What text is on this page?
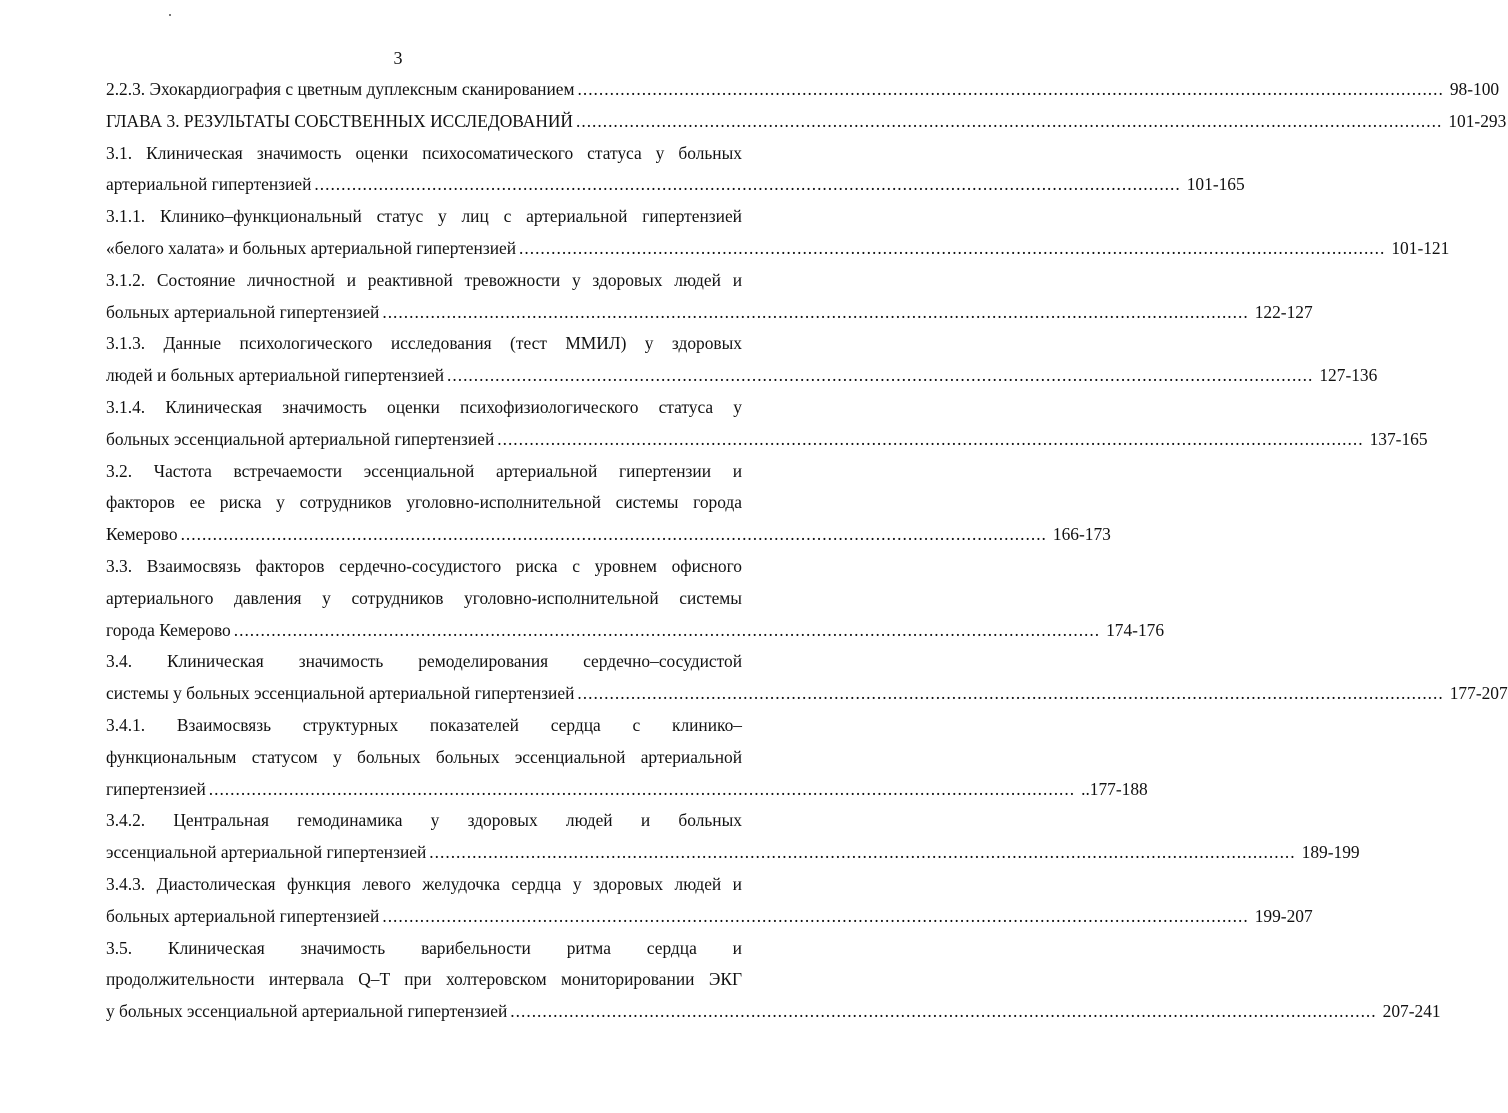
3
2.2.3. Эхокардиография с цветным дуплексным сканированием .................................................................................................................................................................. 98-100
ГЛАВА 3. РЕЗУЛЬТАТЫ СОБСТВЕННЫХ ИССЛЕДОВАНИЙ .................................................................................................................................................................. 101-293
3.1. Клиническая значимость оценки психосоматического статуса у больных
артериальной гипертензией .................................................................................................................................................................. 101-165
3.1.1. Клинико–функциональный статус у лиц с артериальной гипертензией
«белого халата» и больных артериальной гипертензией .................................................................................................................................................................. 101-121
3.1.2. Состояние личностной и реактивной тревожности у здоровых людей и
больных артериальной гипертензией .................................................................................................................................................................. 122-127
3.1.3. Данные психологического исследования (тест ММИЛ) у здоровых
людей и больных артериальной гипертензией .................................................................................................................................................................. 127-136
3.1.4. Клиническая значимость оценки психофизиологического статуса у
больных эссенциальной артериальной гипертензией .................................................................................................................................................................. 137-165
3.2. Частота встречаемости эссенциальной артериальной гипертензии и
факторов ее риска у сотрудников уголовно-исполнительной системы города
Кемерово .................................................................................................................................................................. 166-173
3.3. Взаимосвязь факторов сердечно-сосудистого риска с уровнем офисного
артериального давления у сотрудников уголовно-исполнительной системы
города Кемерово .................................................................................................................................................................. 174-176
3.4. Клиническая значимость ремоделирования сердечно–сосудистой
системы у больных эссенциальной артериальной гипертензией .................................................................................................................................................................. 177-207
3.4.1. Взаимосвязь структурных показателей сердца с клинико–
функциональным статусом у больных больных эссенциальной артериальной
гипертензией .................................................................................................................................................................. ..177-188
3.4.2. Центральная гемодинамика у здоровых людей и больных
эссенциальной артериальной гипертензией .................................................................................................................................................................. 189-199
3.4.3. Диастолическая функция левого желудочка сердца у здоровых людей и
больных артериальной гипертензией .................................................................................................................................................................. 199-207
3.5. Клиническая значимость варибельности ритма сердца и
продолжительности интервала Q–T при холтеровском мониторировании ЭКГ
у больных эссенциальной артериальной гипертензией .................................................................................................................................................................. 207-241
